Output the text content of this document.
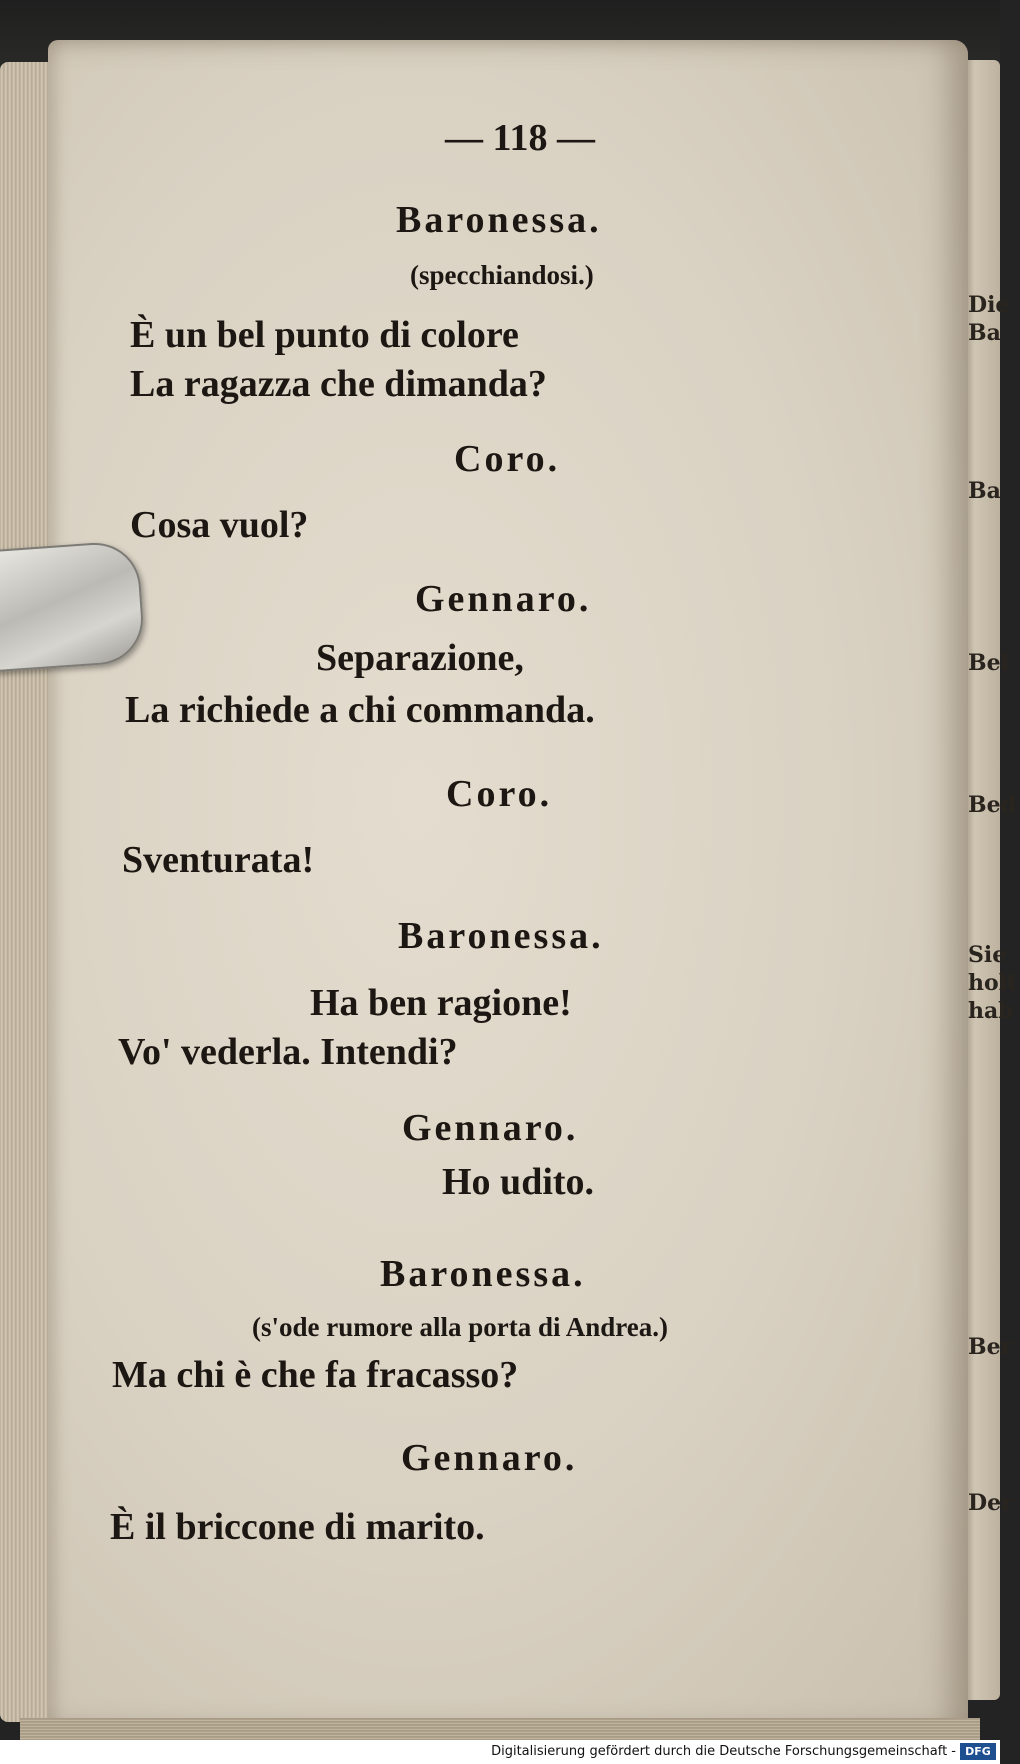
Die
Ba
Ba
Bei
Bed
Sie
holt
hab
Ber
Der
— 118 —
Baronessa.
(specchiandosi.)
È un bel punto di colore
La ragazza che dimanda?
Coro.
Cosa vuol?
Gennaro.
Separazione,
La richiede a chi commanda.
Coro.
Sventurata!
Baronessa.
Ha ben ragione!
Vo' vederla. Intendi?
Gennaro.
Ho udito.
Baronessa.
(s'ode rumore alla porta di Andrea.)
Ma chi è che fa fracasso?
Gennaro.
È il briccone di marito.
Digitalisierung gefördert durch die Deutsche Forschungsgemeinschaft - DFG
